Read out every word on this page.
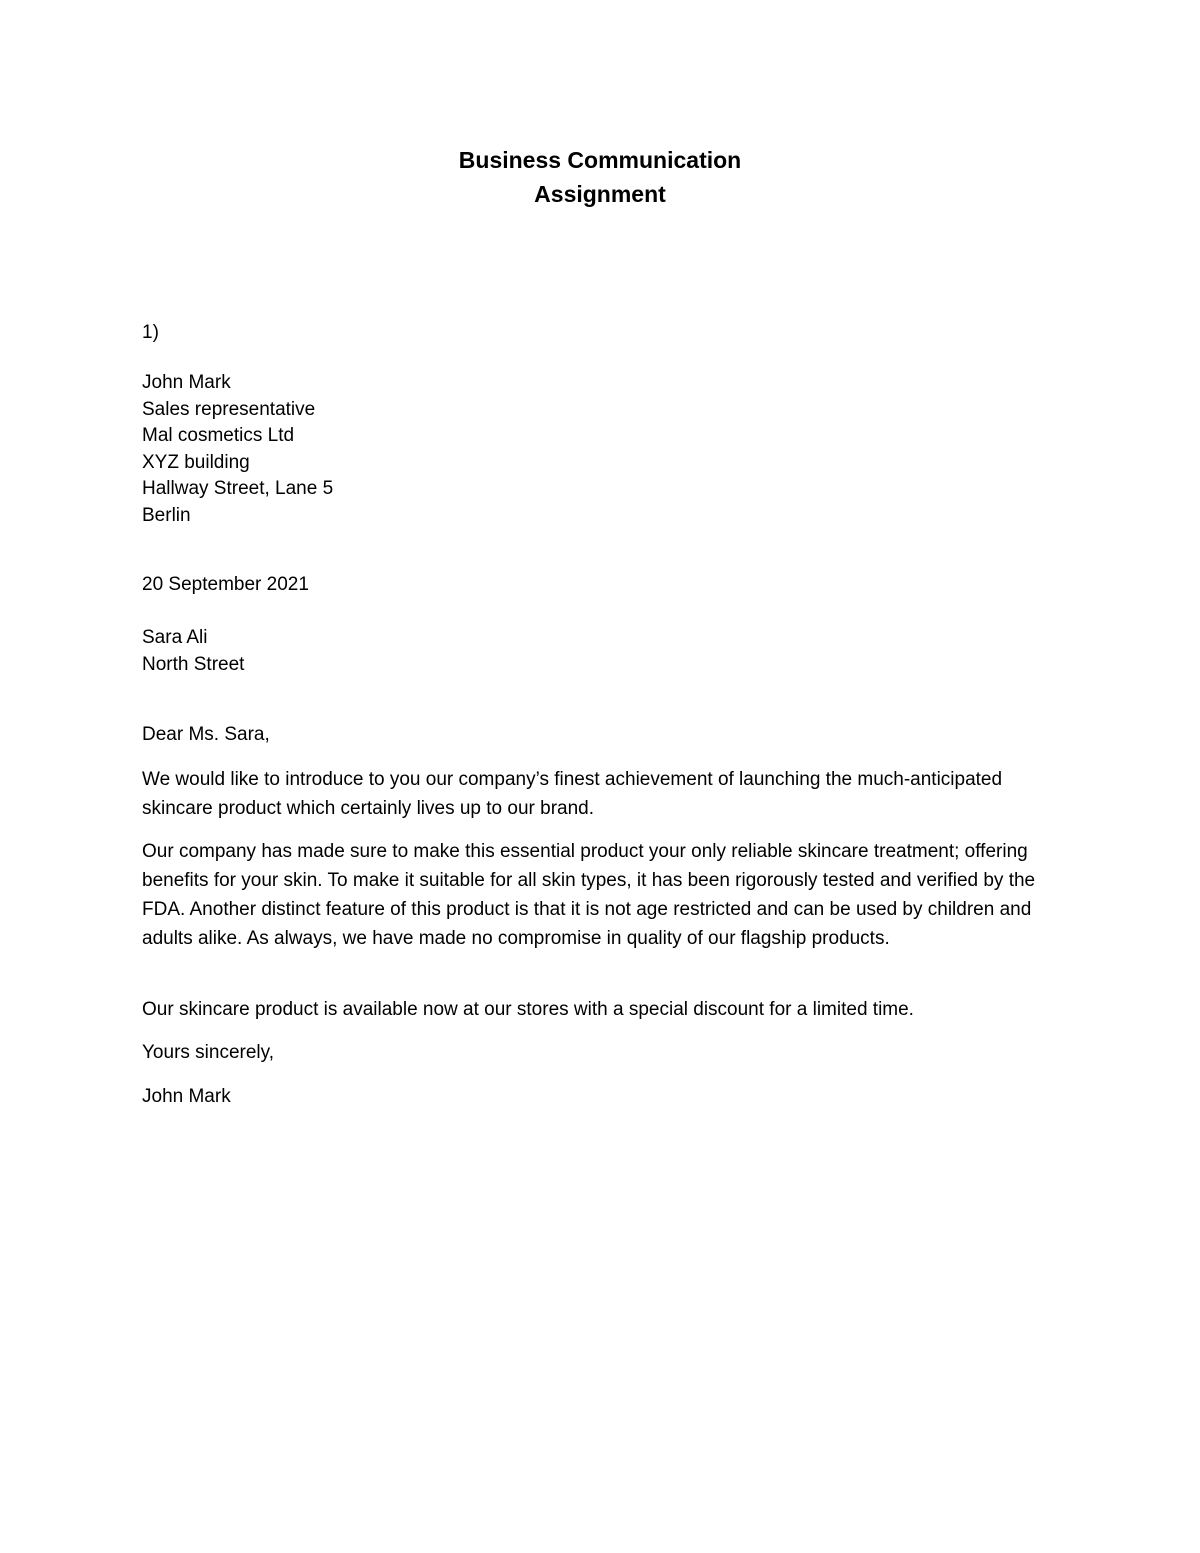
Business Communication
Assignment

1)

John Mark

Sales representative

Mal cosmetics Ltd

XYZ building

Hallway Street, Lane 5

Berlin

20 September 2021

Sara Ali

North Street

Dear Ms. Sara,

We would like to introduce to you our company’s finest achievement of launching the much-anticipated skincare product which certainly lives up to our brand.

Our company has made sure to make this essential product your only reliable skincare treatment; offering benefits for your skin. To make it suitable for all skin types, it has been rigorously tested and verified by the FDA. Another distinct feature of this product is that it is not age restricted and can be used by children and adults alike. As always, we have made no compromise in quality of our flagship products.

Our skincare product is available now at our stores with a special discount for a limited time.

Yours sincerely,

John Mark
